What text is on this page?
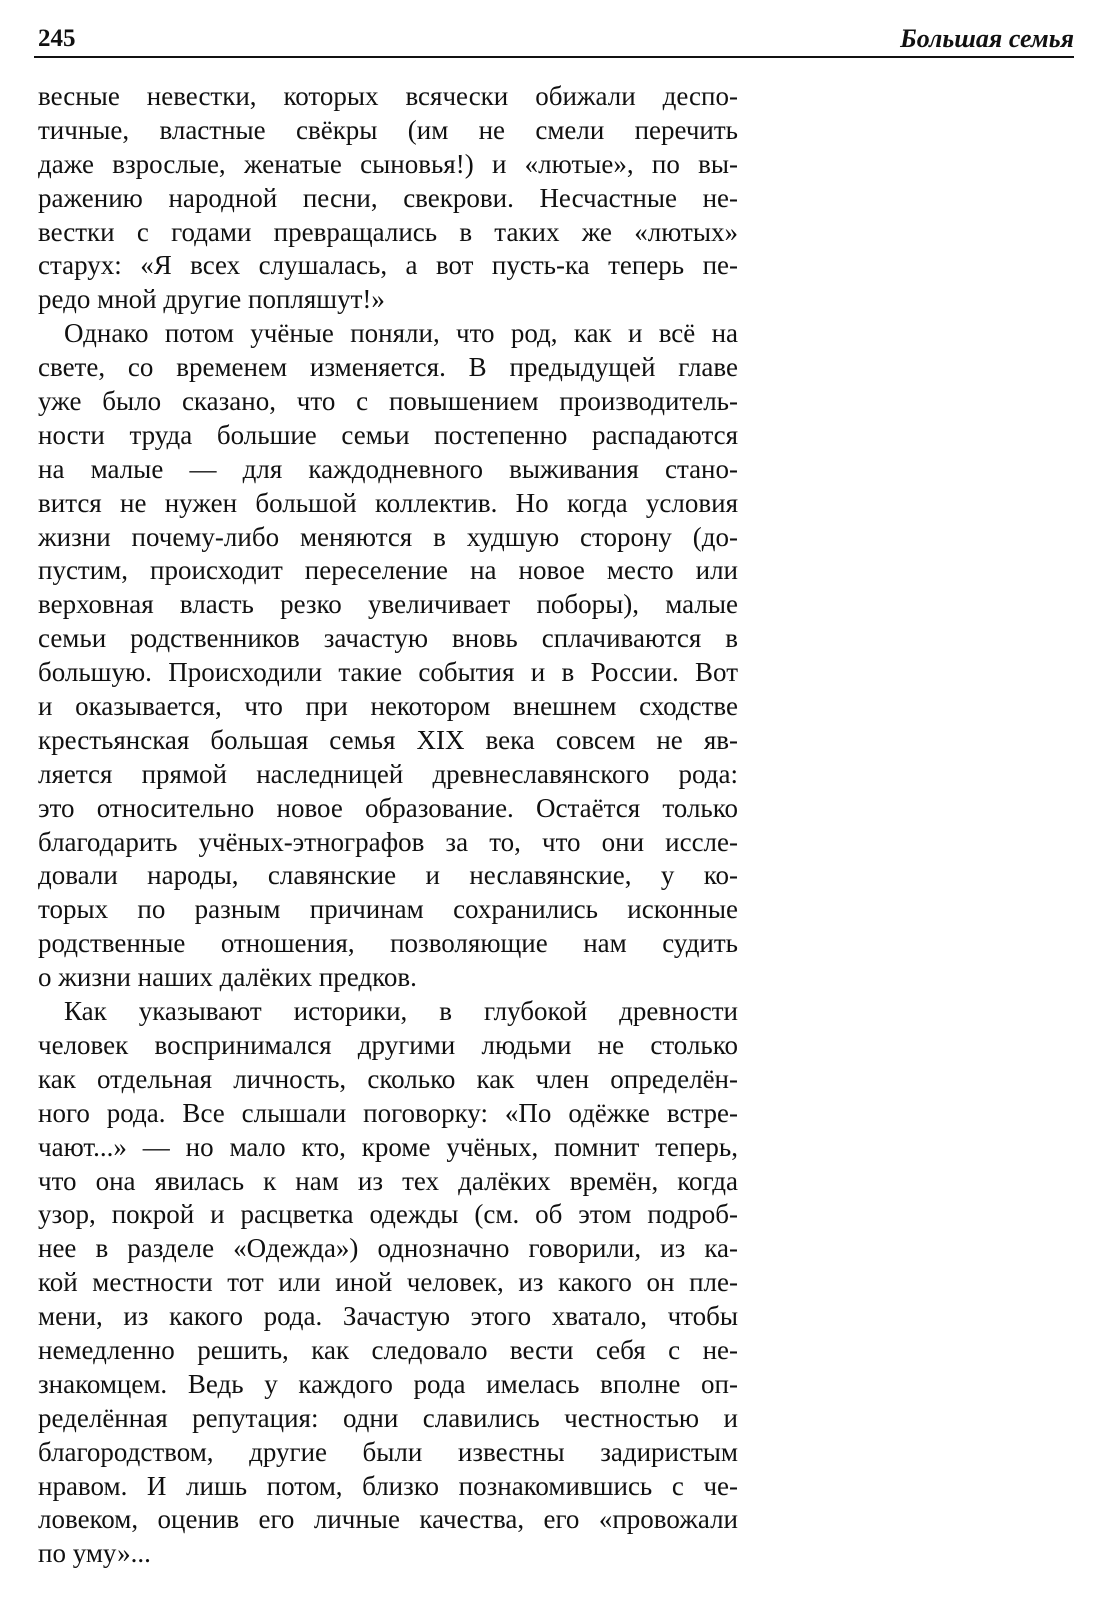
245	Большая семья
весные невестки, которых всячески обижали деспо-
тичные, властные свёкры (им не смели перечить
даже взрослые, женатые сыновья!) и «лютые», по вы-
ражению народной песни, свекрови. Несчастные не-
вестки с годами превращались в таких же «лютых»
старух: «Я всех слушалась, а вот пусть-ка теперь пе-
редо мной другие попляшут!»
Однако потом учёные поняли, что род, как и всё на
свете, со временем изменяется. В предыдущей главе
уже было сказано, что с повышением производитель-
ности труда большие семьи постепенно распадаются
на малые — для каждодневного выживания стано-
вится не нужен большой коллектив. Но когда условия
жизни почему-либо меняются в худшую сторону (до-
пустим, происходит переселение на новое место или
верховная власть резко увеличивает поборы), малые
семьи родственников зачастую вновь сплачиваются в
большую. Происходили такие события и в России. Вот
и оказывается, что при некотором внешнем сходстве
крестьянская большая семья XIX века совсем не яв-
ляется прямой наследницей древнеславянского рода:
это относительно новое образование. Остаётся только
благодарить учёных-этнографов за то, что они иссле-
довали народы, славянские и неславянские, у ко-
торых по разным причинам сохранились исконные
родственные отношения, позволяющие нам судить
о жизни наших далёких предков.
Как указывают историки, в глубокой древности
человек воспринимался другими людьми не столько
как отдельная личность, сколько как член определён-
ного рода. Все слышали поговорку: «По одёжке встре-
чают...» — но мало кто, кроме учёных, помнит теперь,
что она явилась к нам из тех далёких времён, когда
узор, покрой и расцветка одежды (см. об этом подроб-
нее в разделе «Одежда») однозначно говорили, из ка-
кой местности тот или иной человек, из какого он пле-
мени, из какого рода. Зачастую этого хватало, чтобы
немедленно решить, как следовало вести себя с не-
знакомцем. Ведь у каждого рода имелась вполне оп-
ределённая репутация: одни славились честностью и
благородством, другие были известны задиристым
нравом. И лишь потом, близко познакомившись с че-
ловеком, оценив его личные качества, его «провожали
по уму»...
